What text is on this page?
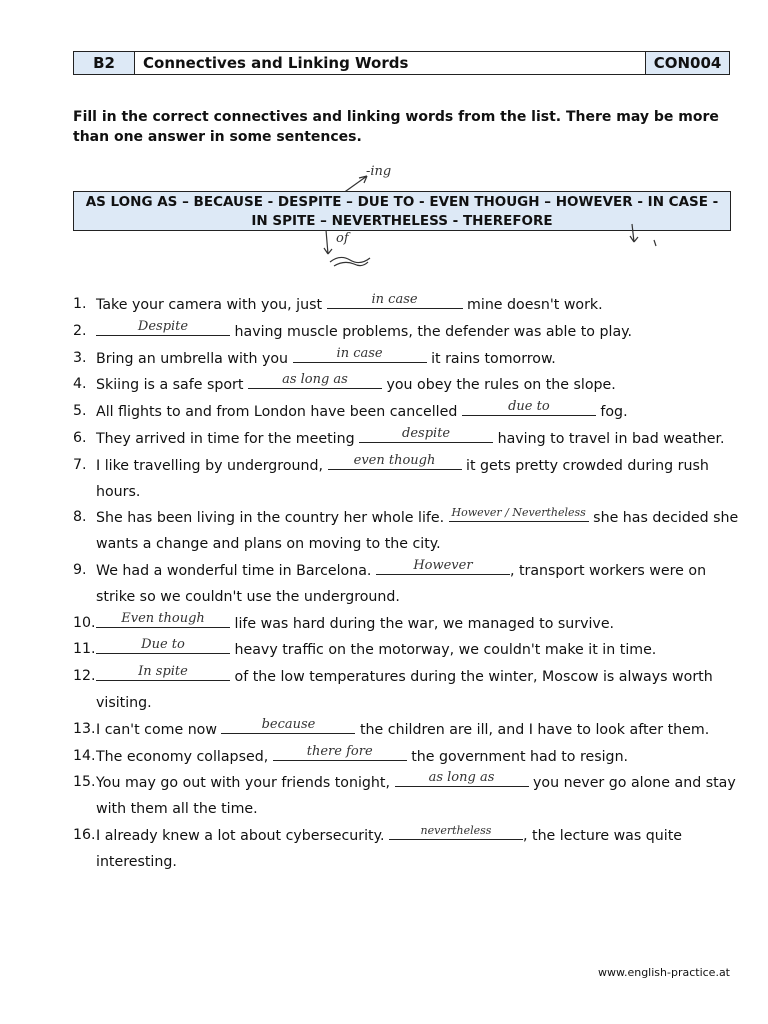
B2	Connectives and Linking Words	CON004
Fill in the correct connectives and linking words from the list. There may be more than one answer in some sentences.
-ing
AS LONG AS – BECAUSE - DESPITE – DUE TO - EVEN THOUGH – HOWEVER - IN CASE -
IN SPITE – NEVERTHELESS - THEREFORE
of
1. Take your camera with you, just	in case	mine doesn't work.
2.	Despite	having muscle problems, the defender was able to play.
3. Bring an umbrella with you	in case	it rains tomorrow.
4. Skiing is a safe sport	as long as	you obey the rules on the slope.
5. All flights to and from London have been cancelled	due to	fog.
6. They arrived in time for the meeting	despite	having to travel in bad weather.
7. I like travelling by underground,	even though	it gets pretty crowded during rush hours.
8. She has been living in the country her whole life. However / Nevertheless she has decided she wants a change and plans on moving to the city.
9. We had a wonderful time in Barcelona.	However	, transport workers were on strike so we couldn't use the underground.
10.	Even though	life was hard during the war, we managed to survive.
11.	Due to	heavy traffic on the motorway, we couldn't make it in time.
12.	In spite	of the low temperatures during the winter, Moscow is always worth visiting.
13. I can't come now	because	the children are ill, and I have to look after them.
14. The economy collapsed,	there fore	the government had to resign.
15. You may go out with your friends tonight,	as long as	you never go alone and stay with them all the time.
16. I already knew a lot about cybersecurity.	nevertheless	, the lecture was quite interesting.
www.english-practice.at
